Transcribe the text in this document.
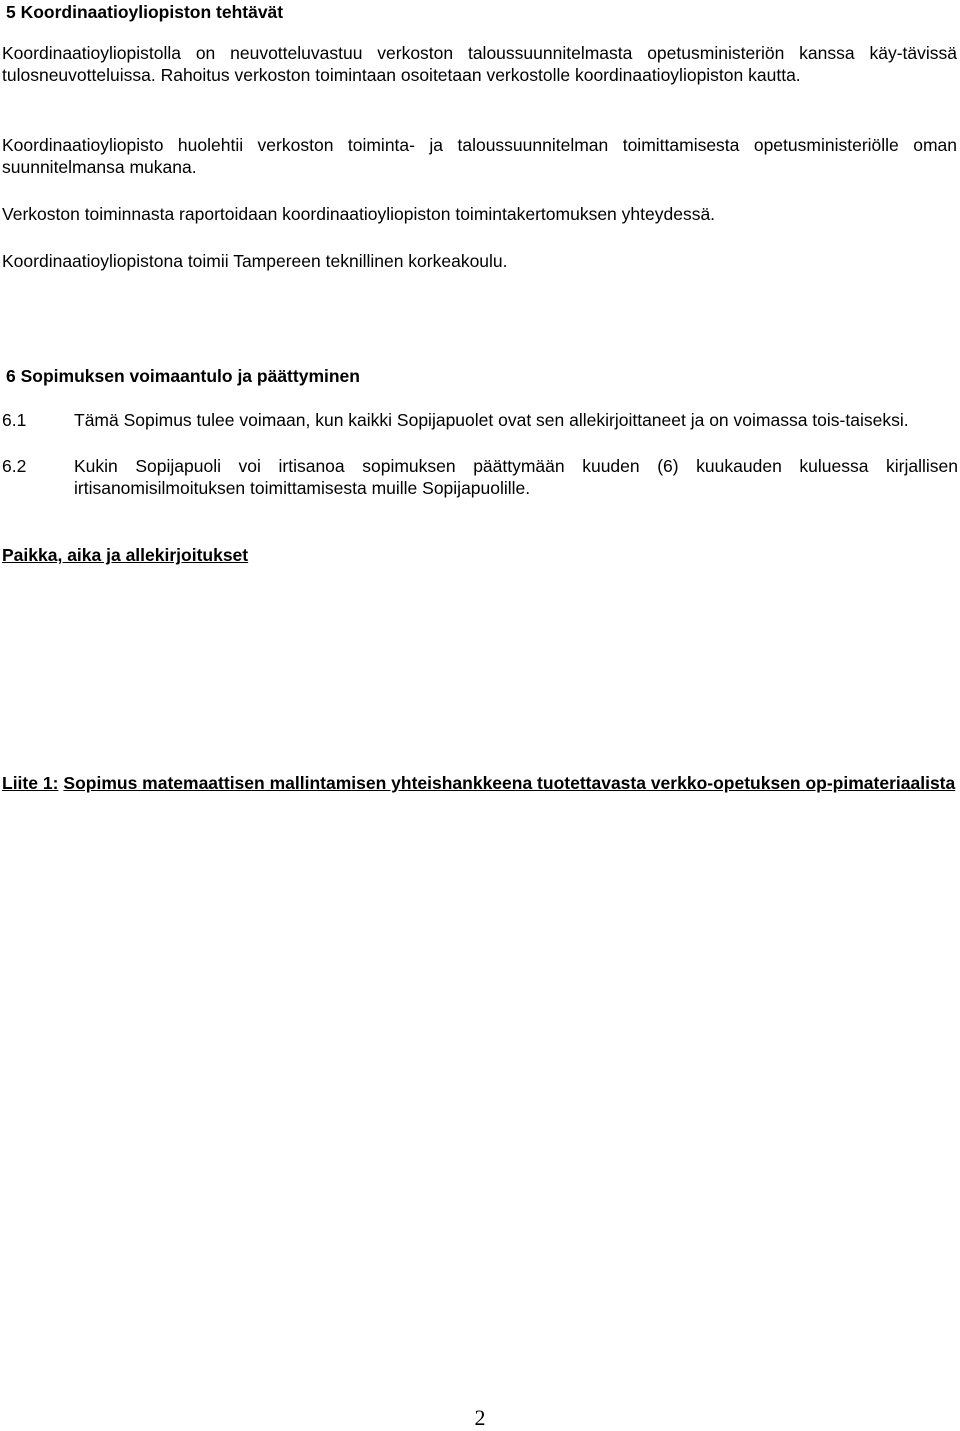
5 Koordinaatioyliopiston tehtävät

Koordinaatioyliopistolla on neuvotteluvastuu verkoston taloussuunnitelmasta opetusministeriön kanssa käy-tävissä tulosneuvotteluissa. Rahoitus verkoston toimintaan osoitetaan verkostolle koordinaatioyliopiston kautta.

Koordinaatioyliopisto huolehtii verkoston toiminta- ja taloussuunnitelman toimittamisesta opetusministeriölle oman suunnitelmansa mukana.

Verkoston toiminnasta raportoidaan koordinaatioyliopiston toimintakertomuksen yhteydessä.

Koordinaatioyliopistona toimii Tampereen teknillinen korkeakoulu.

6 Sopimuksen voimaantulo ja päättyminen
6.1	Tämä Sopimus tulee voimaan, kun kaikki Sopijapuolet ovat sen allekirjoittaneet ja on voimassa tois-taiseksi.
6.2	Kukin Sopijapuoli voi irtisanoa sopimuksen päättymään kuuden (6) kuukauden kuluessa kirjallisen irtisanomisilmoituksen toimittamisesta muille Sopijapuolille.
Paikka, aika ja allekirjoitukset
Liite 1: Sopimus matemaattisen mallintamisen yhteishankkeena tuotettavasta verkko-opetuksen op-pimateriaalista
2
